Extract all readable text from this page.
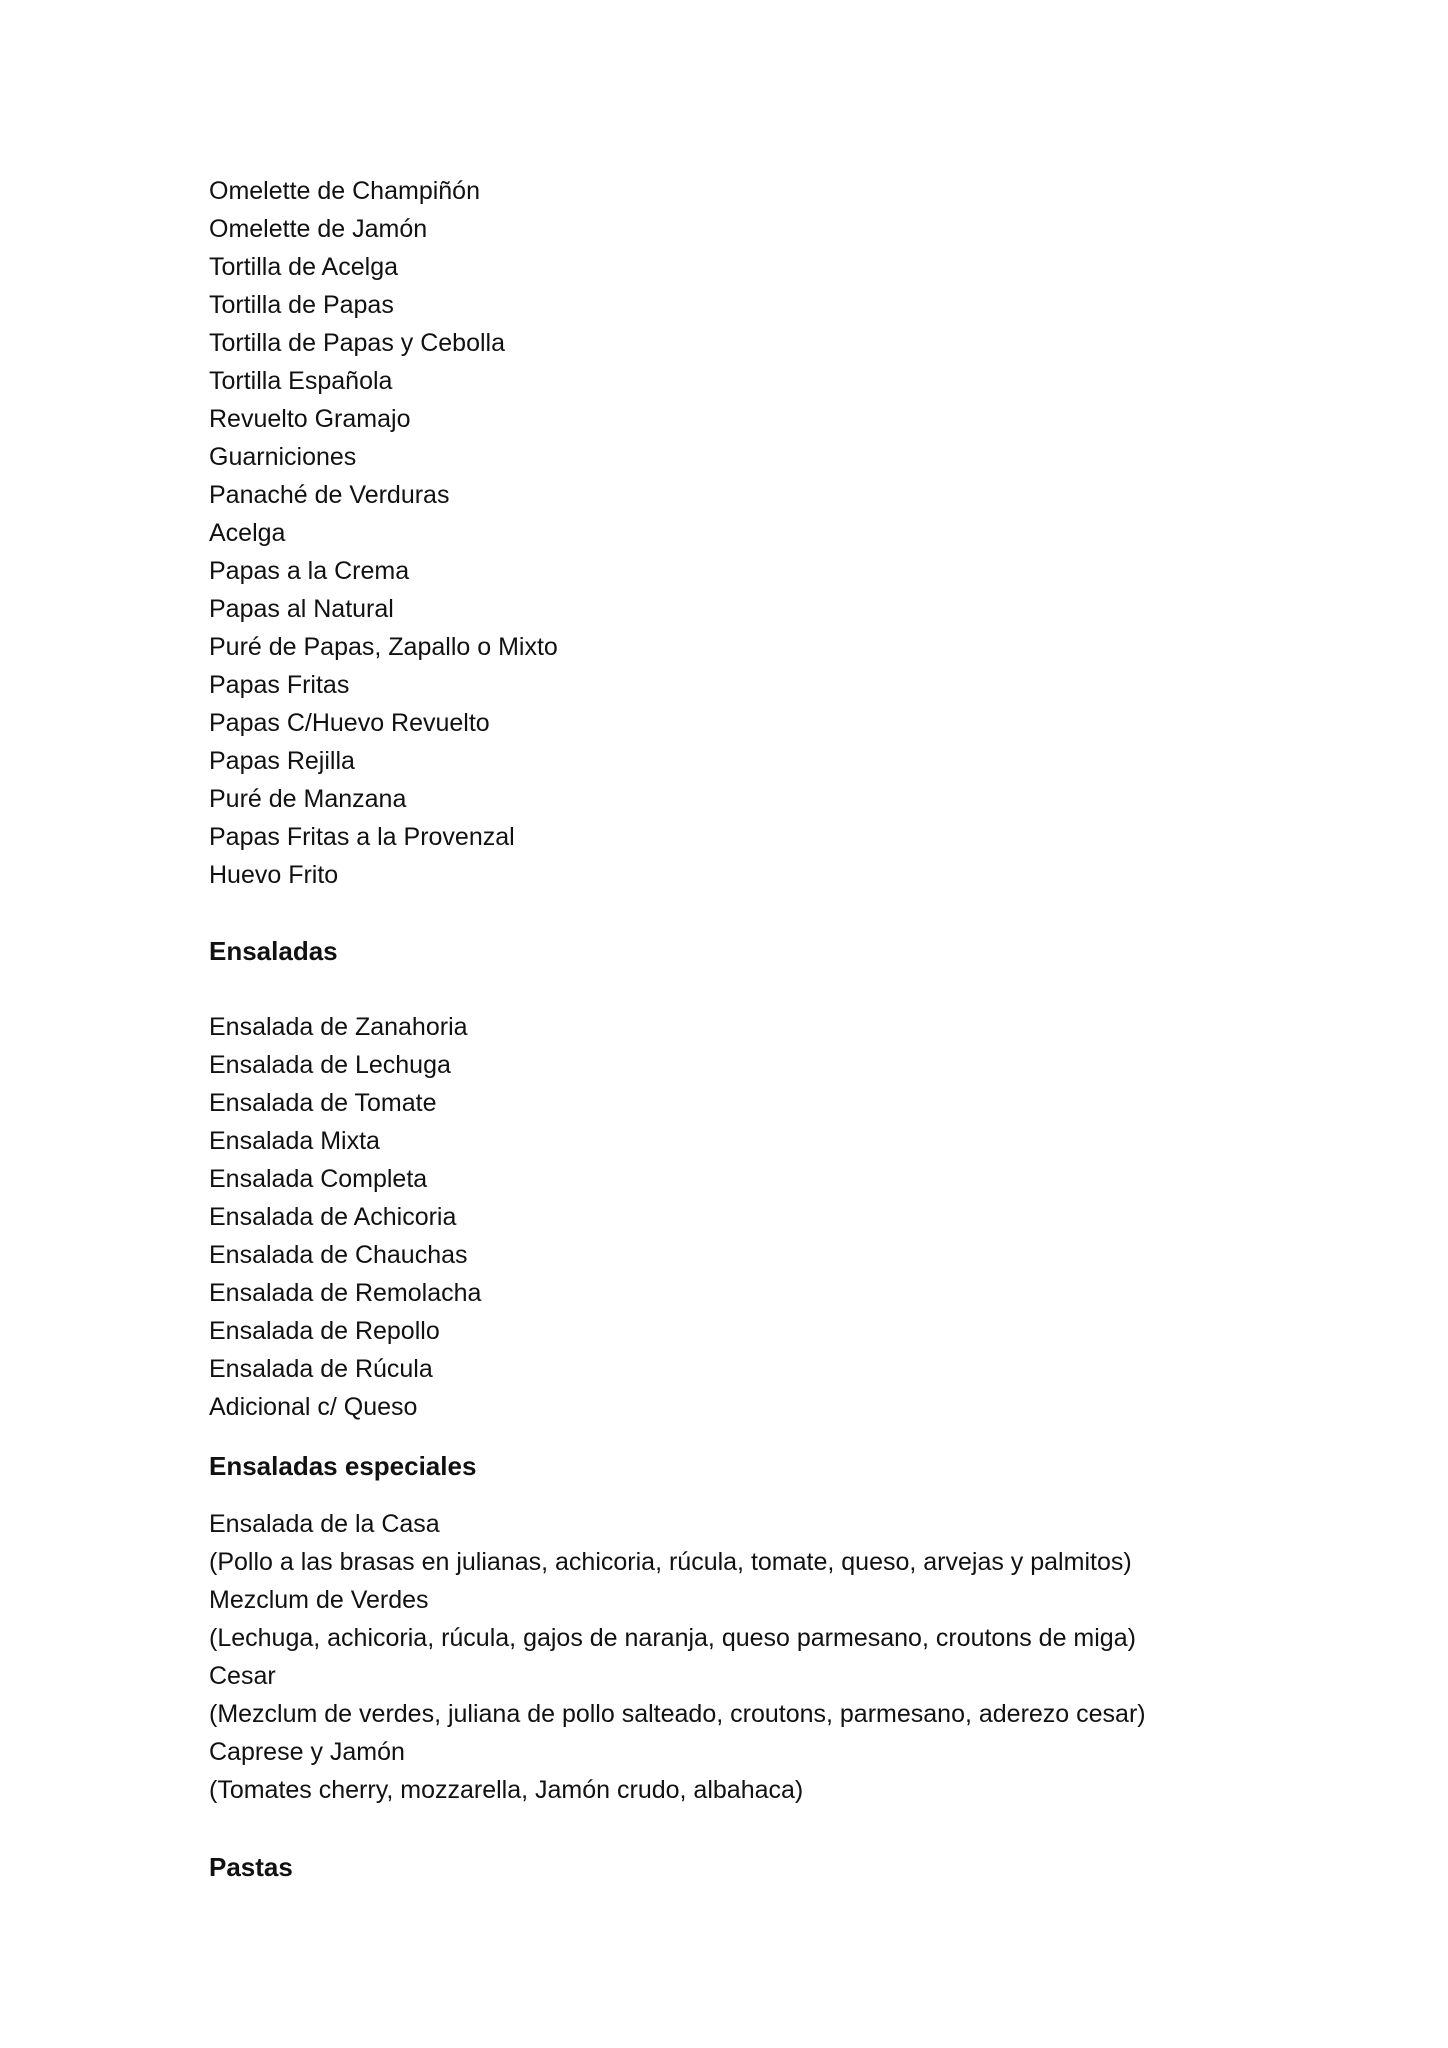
Omelette de Champiñón
Omelette de Jamón
Tortilla de Acelga
Tortilla de Papas
Tortilla de Papas y Cebolla
Tortilla Española
Revuelto Gramajo
Guarniciones
Panaché de Verduras
Acelga
Papas a la Crema
Papas al Natural
Puré de Papas, Zapallo o Mixto
Papas Fritas
Papas C/Huevo Revuelto
Papas Rejilla
Puré de Manzana
Papas Fritas a la Provenzal
Huevo Frito
Ensaladas
Ensalada de Zanahoria
Ensalada de Lechuga
Ensalada de Tomate
Ensalada Mixta
Ensalada Completa
Ensalada de Achicoria
Ensalada de Chauchas
Ensalada de Remolacha
Ensalada de Repollo
Ensalada de Rúcula
Adicional c/ Queso
Ensaladas especiales
Ensalada de la Casa
(Pollo a las brasas en julianas, achicoria, rúcula, tomate, queso, arvejas y palmitos)
Mezclum de Verdes
(Lechuga, achicoria, rúcula, gajos de naranja, queso parmesano, croutons de miga)
Cesar
(Mezclum de verdes, juliana de pollo salteado, croutons, parmesano, aderezo cesar)
Caprese y Jamón
(Tomates cherry, mozzarella, Jamón crudo, albahaca)
Pastas
